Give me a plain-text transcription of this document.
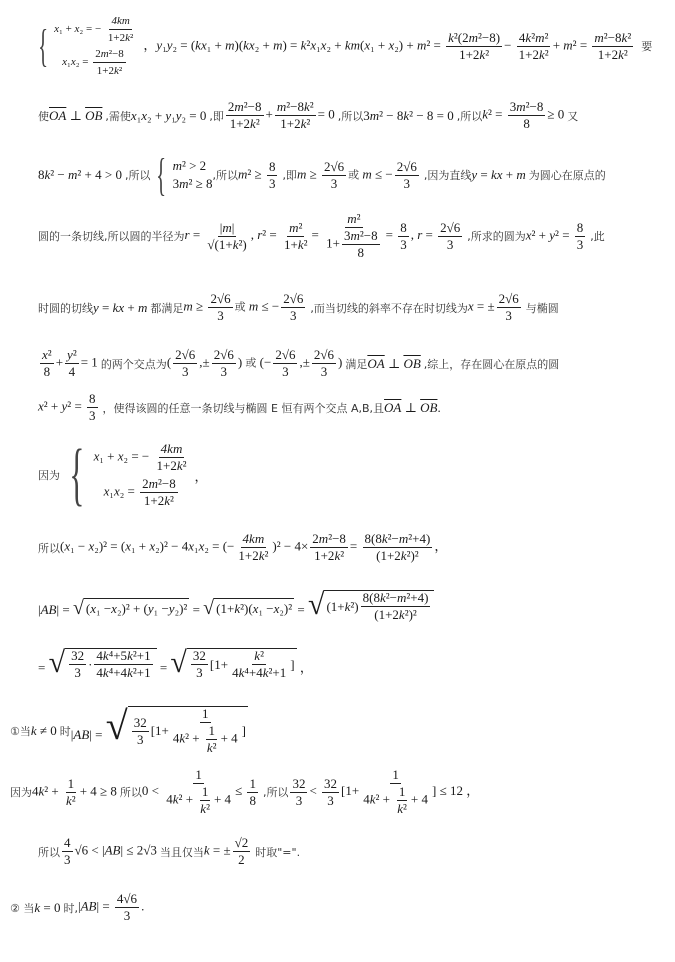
{ x₁ + x₂ = − $\frac{4km}{\text{1+2k²}}$
$x_1x_2 = \frac{\text{2m²−8}}{\text{1+2k²}}$
，$y_1y_2 = (kx_1 + m)(kx_2 + m) = k^2x_1x_2 + km(x_1 + x_2) + m^2 = \frac{\text{k²(2m²−8)}}{\text{1+2k²}} - \frac{\text{4k²m²}}{\text{1+2k²}} + m^2 = \frac{\text{m²−8k²}}{\text{1+2k²}}$ 要
使 $\overline{OA}$ ⊥ $\overline{OB}$ ,需使 x₁x₂ + y₁y₂ = 0 ,即 $\frac{\text{2m²−8}}{\text{1+2k²}} + \frac{\text{m²−8k²}}{\text{1+2k²}} = 0$ ,所以 3m² − 8k² − 8 = 0 ,所以 $k^2 = \frac{\text{3m²−8}}{8} \ge 0$ 又
8k² − m² + 4 > 0 ,所以 { m² > 2
3m² ≥ 8
,所以 $m^2 \ge \frac{8}{3}$ ,即 $m \ge \frac{2√6}{3}$ 或 m ≤ − $\frac{2√6}{3}$ ,因为直线 y = kx + m 为圆心在原点的
圆的一条切线,所以圆的半径为 $r = \frac{|m|}{\text{√(1+k²)}}$ , $r^2 = \frac{\text{m²}}{\text{1+k²}} = \frac{\text{m²}}{1+ \frac{\text{3m²−8}}{8}} = \frac{8}{3}$ , $r = \frac{2√6}{3}$ ,所求的圆为 $x^2 + y^2 = \frac{8}{3}$ ,此
时圆的切线 y = kx + m 都满足 $m \ge \frac{2√6}{3}$ 或 m ≤ − $\frac{2√6}{3}$ ,而当切线的斜率不存在时切线为 x = ± $\frac{2√6}{3}$ 与椭圆
$\frac{\text{x²}}{8} + \frac{\text{y²}}{4} = 1$ 的两个交点为 ( $\frac{2√6}{3}$ ,± $\frac{2√6}{3}$ ) 或 (− $\frac{2√6}{3}$ ,± $\frac{2√6}{3}$ ) 满足 $\overline{OA}$ ⊥ $\overline{OB}$ ,综上，存在圆心在原点的圆
$x^2 + y^2 = \frac{8}{3}$ ，使得该圆的任意一条切线与椭圆 E 恒有两个交点 A,B,且 $\overline{OA}$ ⊥ $\overline{OB}$.
因为 { x₁ + x₂ = − $\frac{4km}{\text{1+2k²}}$
$x_1x_2 = \frac{\text{2m²−8}}{\text{1+2k²}}$
，
所以 (x₁ − x₂)² = (x₁ + x₂)² − 4x₁x₂ = (− $\frac{4km}{\text{1+2k²}} )^2 - 4\times \frac{\text{2m²−8}}{\text{1+2k²}} = \frac{\text{8(8k²−m²+4)}}{\text{(1+2k²)²}}$ ，
|AB| = √ ( x ₁ − x ₂)² + ( y ₁ − y ₂)² = √ (1+ k ²)( x ₁ − x ₂)² = √ (1+ k $^2) \frac{\text{8(8k²−m²+4)}}{\text{(1+2k²)²}}$
= √ $\frac{32}{3} \cdot \frac{\text{4k⁴+5k²+1}}{\text{4k⁴+4k²+1}}$ = √ $\frac{32}{3} [1+ \frac{\text{k²}}{\text{4k⁴+4k²+1}}$ ] ，
①当 k ≠ 0 时 |AB| = √ $\frac{32}{3} [1+ \frac{1}{4k^2 + \frac{1}{\text{k²}} + 4}$ ]
因为 $4k^2 + \frac{1}{\text{k²}} + 4 \ge 8$ 所以 $0 < \frac{1}{4k^2 + \frac{1}{\text{k²}} + 4} \le \frac{1}{8}$ ,所以 $\frac{32}{3} < \frac{32}{3} [1+ \frac{1}{4k^2 + \frac{1}{\text{k²}} + 4}$ ] ≤ 12 ，
所以 $\frac{4}{3} √6 < |AB| \le 2√3$ 当且仅当 k = ± $\frac{√2}{2}$ 时取"=".
② 当 k = 0 时, $|AB| = \frac{4√6}{3}$ .
